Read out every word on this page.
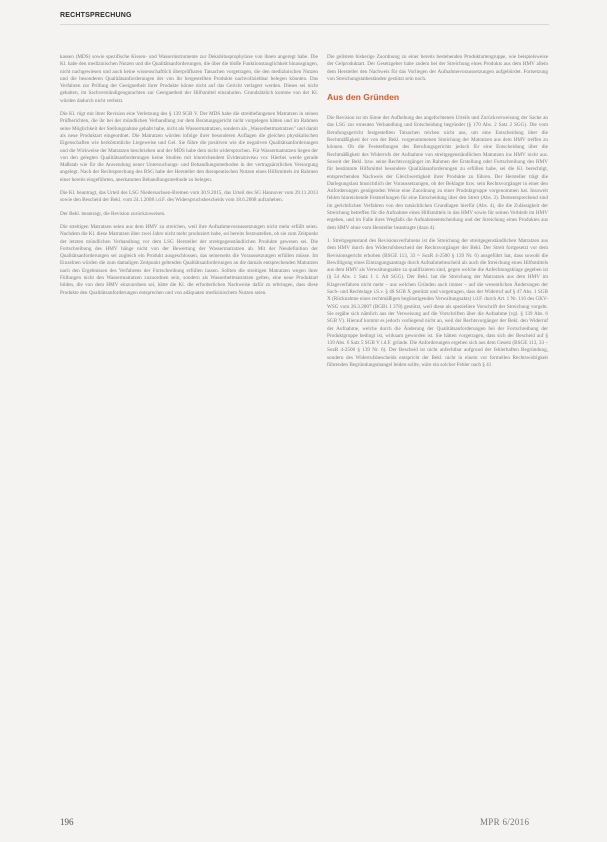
RECHTSPRECHUNG

kassen (MDS) sowie spezifische Kissen- und Wasserinstrumente zur Dekubitusprophylaxe von ihnen angeregt habe. Die Kl. habe den medizinischen Nutzen und die Qualitätsanforderungen, die über die bloße Funktionstauglichkeit hinausgingen, nicht nachgewiesen und auch keine wissenschaftlich überprüfbaren Tatsachen vorgetragen, die den medizinischen Nutzen und die besonderen Qualitätsanforderungen der von ihr hergestellten Produkte nachvollziehbar belegen könnten. Das Verfahren zur Prüfung der Geeignetheit ihrer Produkte könne nicht auf das Gericht verlagert werden. Dieses sei nicht gehalten, im Sachverständigengutachten zur Geeignetheit der Hilfsmittel einzuholen. Grundsätzlich komme von der Kl. würden dadurch nicht verletzt.

Die Kl. rügt mit ihrer Revision eine Verletzung des § 139 SGB V. Der MDS habe die streitbefangenen Matratzen in seinen Prüfberichten, die ihr bei der mündlichen Verhandlung zur dem Beratungsgericht nicht vorgelegen hätten und im Rahmen seine Möglichkeit der Stellungnahme gehabt habe, nicht als Wassermatratzen, sondern als „Wasserbettmatratzen" und damit als neue Produktart eingeordnet. Die Matratzen würden infolge ihrer besonderen Auflagen die gleichen physikalischen Eigenschaften wie herkömmliche Liegeweise und Gel. Sie führe die positiven wie die negativen Qualitätsanforderungen und die Wirkweise der Matratzen beschrieben und der MDS habe dem nicht widersprochen. Für Wassermatratzen liegen der von den gelegten Qualitätsanforderungen keine Studien mit hinreichendem Evidenzniveau vor. Hierbei werde gerade Maßstab wie für die Anwendung neuer Untersuchungs- und Behandlungsmethoden in der vertragsärztlichen Versorgung angelegt. Nach der Rechtsprechung des BSG habe der Hersteller den therapeutischen Nutzen eines Hilfsmittels im Rahmen einer bereits eingeführten, anerkannten Behandlungsmethode zu belegen.

Die Kl. beantragt, das Urteil des LSG Niedersachsen-Bremen vom 30.9.2015, das Urteil des SG Hannover vom 29.11.2013 sowie den Bescheid der Bekl. vom 24.1.2008 i.d.F. des Widerspruchsbescheids vom 18.6.2008 aufzuheben.

Der Bekl. beantragt, die Revision zurückzuweisen.

Die streitigen Matratzen seien aus dem HMV zu streichen, weil ihre Aufnahmevoraussetzungen nicht mehr erfüllt seien. Nachdem die Kl. diese Matratzen über zwei Jahre nicht mehr produziert habe, sei bereits festzustellen, ob sie zum Zeitpunkt der letzten mündlichen Verhandlung vor dem LSG Hersteller der streitgegenständlichen Produkte gewesen sei. Die Fortschreibung des HMV hänge nicht von der Bewertung der Wassermatratzen ab. Mit der Neudefinition der Qualitätsanforderungen sei zugleich ein Produkt ausgeschlossen, das seinerseits die Voraussetzungen erfüllen müsse. Im Einzelnen würden die zum damaligen Zeitpunkt geltenden Qualitätsanforderungen an die damals entsprechenden Matratzen nach den Ergebnissen des Verfahrens der Fortschreibung erfüllen lassen. Sollten die streitigen Matratzen wegen ihrer Füllungen nicht den Wassermatratzen zuzuordnen sein, sondern als Wasserbettmatratzen gelten, eine neue Produktart bilden, die von dem HMV einzuordnen sei, hätte die Kl. die erforderlichen Nachweise dafür zu erbringen, dass diese Produkte den Qualitätsanforderungen entsprechen und von adäquaten medizinischem Nutzen seien.

Die gelistete bisherige Zuordnung zu einer bereits bestehenden Produktartengruppe, wie beispielsweise der Gelproduktart. Der Gesetzgeber habe zudem bei der Streichung eines Produkts aus dem HMV allein dem Hersteller den Nachweis für das Vorliegen der Aufnahmevoraussetzungen aufgebürdet. Fortsetzung von Streichungstatbeständen gestützt sein noch.

Aus den Gründen

Die Revision ist im Sinne der Aufhebung des angefochtenen Urteils und Zurückverweisung der Sache an das LSG zur erneuten Verhandlung und Entscheidung begründet (§ 170 Abs. 2 Satz 2 SGG). Die vom Berufungsgericht festgestellten Tatsachen reichen nicht aus, um eine Entscheidung über die Rechtmäßigkeit der von der Bekl. vorgenommenen Streichung der Matratzen aus dem HMV treffen zu können. Ob die Feststellungen des Berufungsgerichts jedoch für eine Entscheidung über die Rechtmäßigkeit des Widerrufs der Aufnahme von streitgegenständlichen Matratzen ins HMV nicht aus. Soweit der Bekl. bzw. seine Rechtsvorgänger im Rahmen der Erstellung oder Fortschreibung des HMV für bestimmte Hilfsmittel besondere Qualitätsanforderungen zu erfüllen habe, sei die Kl. berechtigt, entsprechenden Nachweis der Gleichwertigkeit ihrer Produkte zu führen. Der Hersteller trägt die Darlegungslast hinsichtlich der Voraussetzungen, ob der Beklagte bzw. sein Rechtsvorgänger in einer den Anforderungen genügenden Weise eine Zuordnung zu einer Produktgruppe vorgenommen hat. Insoweit fehlen hinreichende Feststellungen für eine Entscheidung über den Streit (Abs. 3). Dementsprechend sind im gerichtlichen Verfahren von den tatsächlichen Grundlagen hierfür (Abs. 4), die die Zulässigkeit der Streichung betreffen für die Aufnahme eines Hilfsmittels in das HMV sowie für seinen Verbleib im HMV ergeben, und im Falle ihres Wegfalls die Aufnahmeentscheidung und der Streichung eines Produktes aus dem HMV ohne vom Hersteller beantragte (dazu 4).

1. Streitgegenstand des Revisionsverfahrens ist die Streichung der streitgegenständlichen Matratzen aus dem HMV durch den Widerrufsbescheid der Rechtsvorgänger der Bekl. Der Streit fortgesetzt vor dem Revisionsgericht erhoben (BSGE 113, 33 = SozR 4-2500 § 139 Nr. 6) ausgeführt hat, dass sowohl die Bewilligung eines Eintragungsantrags durch Aufnahmebescheid als auch die Streichung eines Hilfsmittels aus dem HMV als Verwaltungsakte zu qualifizieren sind, gegen welche die Anfechtungsklage gegeben ist (§ 54 Abs. 1 Satz 1 1. Alt SGG). Der Bekl. hat die Streichung der Matratzen aus dem HMV im Klageverfahren nicht mehr – aus welchen Gründen auch immer – auf die wesentlichen Änderungen der Sach- und Rechtslage i.S.v. § 48 SGB X gestützt und vorgetragen, dass der Widerruf auf § 47 Abs. 1 SGB X (Rücknahme eines rechtmäßigen begünstigenden Verwaltungsakts) i.d.F. durch Art. 1 Nr. 116 des GKV-WSG vom 26.3.2007 (BGBl. I 378) gestützt, weil diese als speziellere Vorschrift der Streichung vorgeht. Sie ergäbe sich nämlich aus der Verweisung auf die Vorschriften über die Aufnahme (vgl. § 139 Abs. 6 SGB V). Hierauf kommt es jedoch vorliegend nicht an, weil der Rechtsvorgänger der Bekl. den Widerruf der Aufnahme, welche durch die Änderung der Qualitätsanforderungen bei der Fortschreibung der Produktgruppe bedingt ist, wirksam geworden ist. Sie hätten vorgetragen, dass sich der Bescheid auf § 139 Abs. 6 Satz 5 SGB V i.d.F. gründe. Die Anforderungen ergeben sich aus dem Gesetz (BSGE 113, 33 – SozR 4-2500 § 139 Nr. 6). Der Bescheid ist nicht anfechtbar aufgrund der fehlerhaften Begründung, sondern des Widerrufsbescheids entspricht der Bekl. nicht in einem vor formellen Rechtswidrigkeit führenden Begründungsmangel leiden sollte, wäre ein solcher Fehler nach § 41

196	MPR 6/2016
